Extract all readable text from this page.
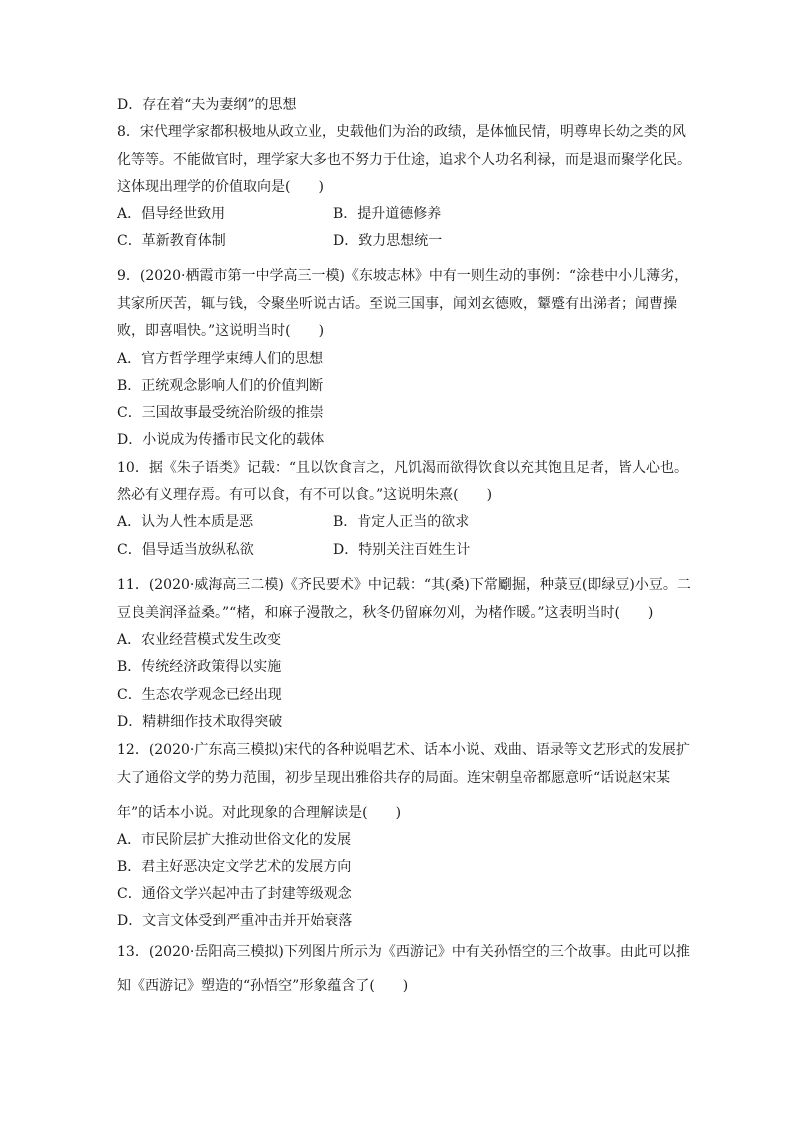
D．存在着“夫为妻纲”的思想
8．宋代理学家都积极地从政立业，史载他们为治的政绩，是体恤民情，明尊卑长幼之类的风
化等等。不能做官时，理学家大多也不努力于仕途，追求个人功名利禄，而是退而聚学化民。
这体现出理学的价值取向是(　　)
A．倡导经世致用	B．提升道德修养
C．革新教育体制	D．致力思想统一
9．(2020·栖霞市第一中学高三一模)《东坡志林》中有一则生动的事例：“涂巷中小儿薄劣，
其家所厌苦，辄与钱，令聚坐听说古话。至说三国事，闻刘玄德败，颦蹙有出涕者；闻曹操
败，即喜唱快。”这说明当时(　　)
A．官方哲学理学束缚人们的思想
B．正统观念影响人们的价值判断
C．三国故事最受统治阶级的推崇
D．小说成为传播市民文化的载体
10．据《朱子语类》记载：“且以饮食言之，凡饥渴而欲得饮食以充其饱且足者，皆人心也。
然必有义理存焉。有可以食，有不可以食。”这说明朱熹(　　)
A．认为人性本质是恶	B．肯定人正当的欲求
C．倡导适当放纵私欲	D．特别关注百姓生计
11．(2020·威海高三二模)《齐民要术》中记载：“其(桑)下常劚掘，种菉豆(即绿豆)小豆。二
豆良美润泽益桑。”“楮，和麻子漫散之，秋冬仍留麻勿刈，为楮作暖。”这表明当时(　　)
A．农业经营模式发生改变
B．传统经济政策得以实施
C．生态农学观念已经出现
D．精耕细作技术取得突破
12．(2020·广东高三模拟)宋代的各种说唱艺术、话本小说、戏曲、语录等文艺形式的发展扩
大了通俗文学的势力范围，初步呈现出雅俗共存的局面。连宋朝皇帝都愿意听“话说赵宋某
年”的话本小说。对此现象的合理解读是(　　)
A．市民阶层扩大推动世俗文化的发展
B．君主好恶决定文学艺术的发展方向
C．通俗文学兴起冲击了封建等级观念
D．文言文体受到严重冲击并开始衰落
13．(2020·岳阳高三模拟)下列图片所示为《西游记》中有关孙悟空的三个故事。由此可以推
知《西游记》塑造的“孙悟空”形象蕴含了(　　)
